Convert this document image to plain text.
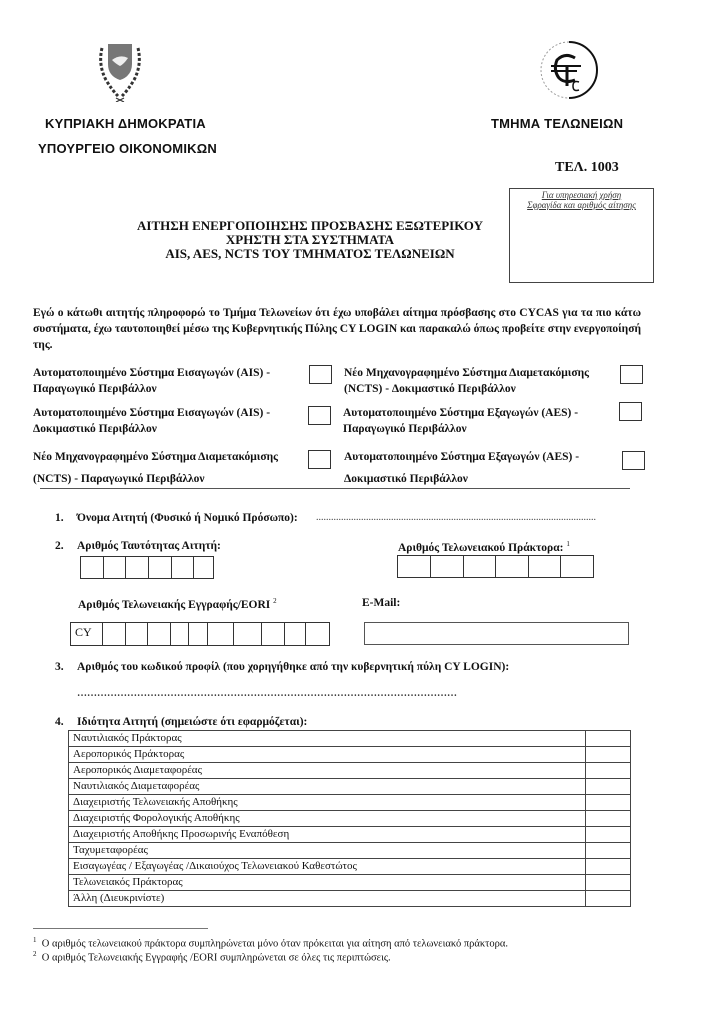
ΚΥΠΡΙΑΚΗ ΔΗΜΟΚΡΑΤΙΑ
ΥΠΟΥΡΓΕΙΟ ΟΙΚΟΝΟΜΙΚΩΝ
ΤΜΗΜΑ ΤΕΛΩΝΕΙΩΝ
ΤΕΛ. 1003
Για υπηρεσιακή χρήση
Σφραγίδα και αριθμός αίτησης
ΑΙΤΗΣΗ ΕΝΕΡΓΟΠΟΙΗΣΗΣ ΠΡΟΣΒΑΣΗΣ ΕΞΩΤΕΡΙΚΟΥ
ΧΡΗΣΤΗ ΣΤΑ ΣΥΣΤΗΜΑΤΑ
AIS, AES, NCTS ΤΟΥ ΤΜΗΜΑΤΟΣ ΤΕΛΩΝΕΙΩΝ
Εγώ ο κάτωθι αιτητής πληροφορώ το Τμήμα Τελωνείων ότι έχω υποβάλει αίτημα πρόσβασης στο CYCAS για τα πιο κάτω συστήματα, έχω ταυτοποιηθεί μέσω της Κυβερνητικής Πύλης CY LOGIN και παρακαλώ όπως προβείτε στην ενεργοποίησή της.
Αυτοματοποιημένο Σύστημα Εισαγωγών (AIS) -
Παραγωγικό Περιβάλλον
Νέο Μηχανογραφημένο Σύστημα Διαμετακόμισης
(NCTS) - Δοκιμαστικό Περιβάλλον
Αυτοματοποιημένο Σύστημα Εισαγωγών (AIS) -
Δοκιμαστικό Περιβάλλον
Αυτοματοποιημένο Σύστημα Εξαγωγών (AES) -
Παραγωγικό Περιβάλλον
Νέο Μηχανογραφημένο Σύστημα Διαμετακόμισης
(NCTS) - Παραγωγικό Περιβάλλον
Αυτοματοποιημένο Σύστημα Εξαγωγών (AES) -
Δοκιμαστικό Περιβάλλον
1. Όνομα Αιτητή (Φυσικό ή Νομικό Πρόσωπο): ................................................................................................................
2. Αριθμός Ταυτότητας Αιτητή:	Αριθμός Τελωνειακού Πράκτορα: $^1$
Αριθμός Τελωνειακής Εγγραφής/EORI $^2$
CY
E-Mail:
3. Αριθμός του κωδικού προφίλ (που χορηγήθηκε από την κυβερνητική πύλη CY LOGIN):
……………………………………………………………………………………………………
4. Ιδιότητα Αιτητή (σημειώστε ότι εφαρμόζεται):
Ναυτιλιακός Πράκτορας	
Αεροπορικός Πράκτορας	
Αεροπορικός Διαμεταφορέας	
Ναυτιλιακός Διαμεταφορέας	
Διαχειριστής Τελωνειακής Αποθήκης	
Διαχειριστής Φορολογικής Αποθήκης	
Διαχειριστής Αποθήκης Προσωρινής Εναπόθεση	
Ταχυμεταφορέας	
Εισαγωγέας / Εξαγωγέας /Δικαιούχος Τελωνειακού Καθεστώτος	
Τελωνειακός Πράκτορας	
Άλλη (Διευκρινίστε)	
$^1$ Ο αριθμός τελωνειακού πράκτορα συμπληρώνεται μόνο όταν πρόκειται για αίτηση από τελωνειακό πράκτορα.
$^2$ Ο αριθμός Τελωνειακής Εγγραφής /EORI συμπληρώνεται σε όλες τις περιπτώσεις.
